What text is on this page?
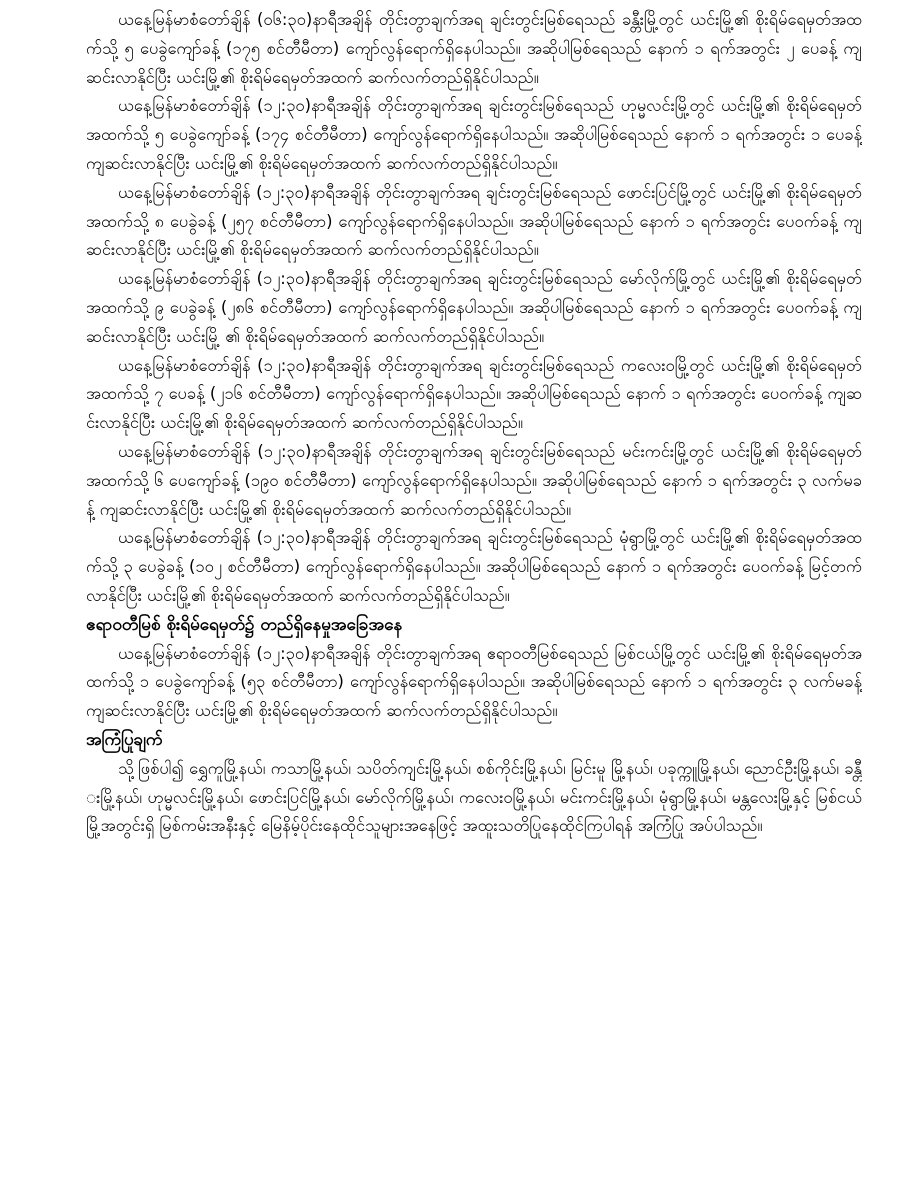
ယနေ့မြန်မာစံတော်ချိန် (၀၆:၃၀)နာရီအချိန် တိုင်းတွာချက်အရ ချင်းတွင်းမြစ်ရေသည် ခန္တီးမြို့တွင် ယင်းမြို့၏ စိုးရိမ်ရေမှတ်အထက်သို့ ၅ ပေခွဲကျော်ခန့် (၁၇၅ စင်တီမီတာ) ကျော်လွန်ရောက်ရှိနေပါသည်။ အဆိုပါမြစ်ရေသည် နောက် ၁ ရက်အတွင်း ၂ ပေခန့် ကျဆင်းလာနိုင်ပြီး ယင်းမြို့၏ စိုးရိမ်ရေမှတ်အထက် ဆက်လက်တည်ရှိနိုင်ပါသည်။

ယနေ့မြန်မာစံတော်ချိန် (၁၂:၃၀)နာရီအချိန် တိုင်းတွာချက်အရ ချင်းတွင်းမြစ်ရေသည် ဟုမ္မလင်းမြို့တွင် ယင်းမြို့၏ စိုးရိမ်ရေမှတ်အထက်သို့ ၅ ပေခွဲကျော်ခန့် (၁၇၄ စင်တီမီတာ) ကျော်လွန်ရောက်ရှိနေပါသည်။ အဆိုပါမြစ်ရေသည် နောက် ၁ ရက်အတွင်း ၁ ပေခန့် ကျဆင်းလာနိုင်ပြီး ယင်းမြို့၏ စိုးရိမ်ရေမှတ်အထက် ဆက်လက်တည်ရှိနိုင်ပါသည်။

ယနေ့မြန်မာစံတော်ချိန် (၁၂:၃၀)နာရီအချိန် တိုင်းတွာချက်အရ ချင်းတွင်းမြစ်ရေသည် ဖောင်းပြင်မြို့တွင် ယင်းမြို့၏ စိုးရိမ်ရေမှတ်အထက်သို့ ၈ ပေခွဲခန့် (၂၅၇ စင်တီမီတာ) ကျော်လွန်ရောက်ရှိနေပါသည်။ အဆိုပါမြစ်ရေသည် နောက် ၁ ရက်အတွင်း ပေဝက်ခန့် ကျဆင်းလာနိုင်ပြီး ယင်းမြို့၏ စိုးရိမ်ရေမှတ်အထက် ဆက်လက်တည်ရှိနိုင်ပါသည်။

ယနေ့မြန်မာစံတော်ချိန် (၁၂:၃၀)နာရီအချိန် တိုင်းတွာချက်အရ ချင်းတွင်းမြစ်ရေသည် မော်လိုက်မြို့တွင် ယင်းမြို့၏ စိုးရိမ်ရေမှတ်အထက်သို့ ၉ ပေခွဲခန့် (၂၈၆ စင်တီမီတာ) ကျော်လွန်ရောက်ရှိနေပါသည်။ အဆိုပါမြစ်ရေသည် နောက် ၁ ရက်အတွင်း ပေဝက်ခန့် ကျဆင်းလာနိုင်ပြီး ယင်းမြို့ ၏ စိုးရိမ်ရေမှတ်အထက် ဆက်လက်တည်ရှိနိုင်ပါသည်။

ယနေ့မြန်မာစံတော်ချိန် (၁၂:၃၀)နာရီအချိန် တိုင်းတွာချက်အရ ချင်းတွင်းမြစ်ရေသည် ကလေးဝမြို့တွင် ယင်းမြို့၏ စိုးရိမ်ရေမှတ်အထက်သို့ ၇ ပေခန့် (၂၁၆ စင်တီမီတာ) ကျော်လွန်ရောက်ရှိနေပါသည်။ အဆိုပါမြစ်ရေသည် နောက် ၁ ရက်အတွင်း ပေဝက်ခန့် ကျဆင်းလာနိုင်ပြီး ယင်းမြို့၏ စိုးရိမ်ရေမှတ်အထက် ဆက်လက်တည်ရှိနိုင်ပါသည်။

ယနေ့မြန်မာစံတော်ချိန် (၁၂:၃၀)နာရီအချိန် တိုင်းတွာချက်အရ ချင်းတွင်းမြစ်ရေသည် မင်းကင်းမြို့တွင် ယင်းမြို့၏ စိုးရိမ်ရေမှတ်အထက်သို့ ၆ ပေကျော်ခန့် (၁၉၀ စင်တီမီတာ) ကျော်လွန်ရောက်ရှိနေပါသည်။ အဆိုပါမြစ်ရေသည် နောက် ၁ ရက်အတွင်း ၃ လက်မခန့် ကျဆင်းလာနိုင်ပြီး ယင်းမြို့၏ စိုးရိမ်ရေမှတ်အထက် ဆက်လက်တည်ရှိနိုင်ပါသည်။

ယနေ့မြန်မာစံတော်ချိန် (၁၂:၃၀)နာရီအချိန် တိုင်းတွာချက်အရ ချင်းတွင်းမြစ်ရေသည် မုံရွာမြို့တွင် ယင်းမြို့၏ စိုးရိမ်ရေမှတ်အထက်သို့ ၃ ပေခွဲခန့် (၁၀၂ စင်တီမီတာ) ကျော်လွန်ရောက်ရှိနေပါသည်။ အဆိုပါမြစ်ရေသည် နောက် ၁ ရက်အတွင်း ပေဝက်ခန့် မြင့်တက်လာနိုင်ပြီး ယင်းမြို့၏ စိုးရိမ်ရေမှတ်အထက် ဆက်လက်တည်ရှိနိုင်ပါသည်။

ဧရာဝတီမြစ် စိုးရိမ်ရေမှတ်၌ တည်ရှိနေမှုအခြေအနေ

ယနေ့မြန်မာစံတော်ချိန် (၁၂:၃၀)နာရီအချိန် တိုင်းတွာချက်အရ ဧရာဝတီမြစ်ရေသည် မြစ်ငယ်မြို့တွင် ယင်းမြို့၏ စိုးရိမ်ရေမှတ်အထက်သို့ ၁ ပေခွဲကျော်ခန့် (၅၃ စင်တီမီတာ) ကျော်လွန်ရောက်ရှိနေပါသည်။ အဆိုပါမြစ်ရေသည် နောက် ၁ ရက်အတွင်း ၃ လက်မခန့် ကျဆင်းလာနိုင်ပြီး ယင်းမြို့၏ စိုးရိမ်ရေမှတ်အထက် ဆက်လက်တည်ရှိနိုင်ပါသည်။

အကြံပြုချက်

သို့ဖြစ်ပါ၍ ရွှေကူမြို့နယ်၊ ကသာမြို့နယ်၊ သပိတ်ကျင်းမြို့နယ်၊ စစ်ကိုင်းမြို့နယ်၊ မြင်းမူ မြို့နယ်၊ ပခုက္ကူမြို့နယ်၊ ညောင်ဦးမြို့နယ်၊ ခန္တီးမြို့နယ်၊ ဟုမ္မလင်းမြို့နယ်၊ ဖောင်းပြင်မြို့နယ်၊ မော်လိုက်မြို့နယ်၊ ကလေးဝမြို့နယ်၊ မင်းကင်းမြို့နယ်၊ မုံရွာမြို့နယ်၊ မန္တလေးမြို့နှင့် မြစ်ငယ်မြို့အတွင်းရှိ မြစ်ကမ်းအနီးနှင့် မြေနိမ့်ပိုင်းနေထိုင်သူများအနေဖြင့် အထူးသတိပြုနေထိုင်ကြပါရန် အကြံပြု အပ်ပါသည်။
